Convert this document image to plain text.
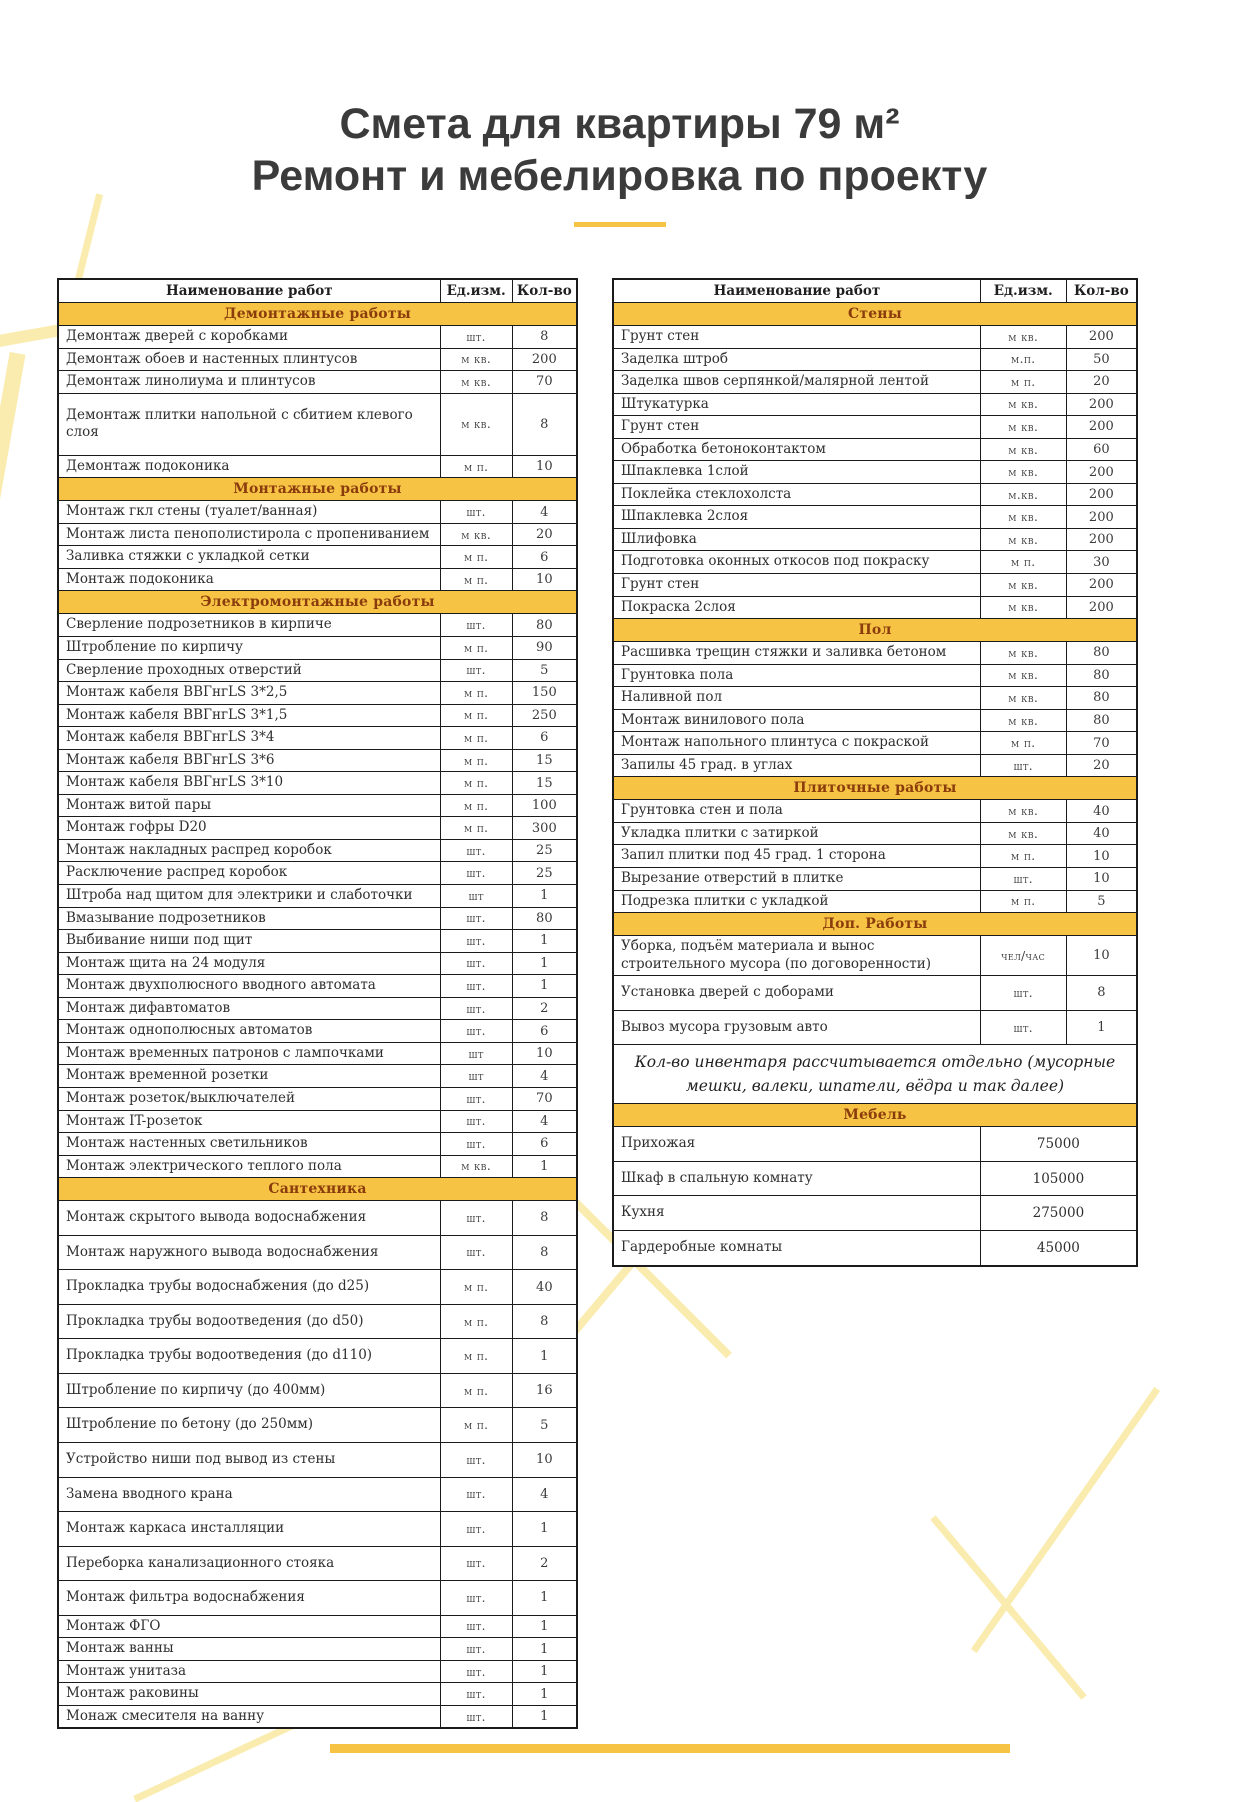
Смета для квартиры 79 м²
Ремонт и мебелировка по проекту
Наименование работ	Ед.изм.	Кол-во
Демонтажные работы		
Демонтаж дверей с коробками	шт.	8
Демонтаж обоев и настенных плинтусов	м кв.	200
Демонтаж линолиума и плинтусов	м кв.	70
Демонтаж плитки напольной с сбитием клевого слоя	м кв.	8
Демонтаж подоконика	м п.	10
Монтажные работы		
Монтаж гкл стены (туалет/ванная)	шт.	4
Монтаж листа пенополистирола с пропениванием	м кв.	20
Заливка стяжки с укладкой сетки	м п.	6
Монтаж подоконика	м п.	10
Электромонтажные работы		
Сверление подрозетников в кирпиче	шт.	80
Штробление по кирпичу	м п.	90
Сверление проходных отверстий	шт.	5
Монтаж кабеля ВВГнгLS 3*2,5	м п.	150
Монтаж кабеля ВВГнгLS 3*1,5	м п.	250
Монтаж кабеля ВВГнгLS 3*4	м п.	6
Монтаж кабеля ВВГнгLS 3*6	м п.	15
Монтаж кабеля ВВГнгLS 3*10	м п.	15
Монтаж витой пары	м п.	100
Монтаж гофры D20	м п.	300
Монтаж накладных распред коробок	шт.	25
Расключение распред коробок	шт.	25
Штроба над щитом для электрики и слаботочки	шт	1
Вмазывание подрозетников	шт.	80
Выбивание ниши под щит	шт.	1
Монтаж щита на 24 модуля	шт.	1
Монтаж двухполюсного вводного автомата	шт.	1
Монтаж дифавтоматов	шт.	2
Монтаж однополюсных автоматов	шт.	6
Монтаж временных патронов с лампочками	шт	10
Монтаж временной розетки	шт	4
Монтаж розеток/выключателей	шт.	70
Монтаж IT-розеток	шт.	4
Монтаж настенных светильников	шт.	6
Монтаж электрического теплого пола	м кв.	1
Сантехника		
Монтаж скрытого вывода водоснабжения	шт.	8
Монтаж наружного вывода водоснабжения	шт.	8
Прокладка трубы водоснабжения (до d25)	м п.	40
Прокладка трубы водоотведения (до d50)	м п.	8
Прокладка трубы водоотведения (до d110)	м п.	1
Штробление по кирпичу (до 400мм)	м п.	16
Штробление по бетону (до 250мм)	м п.	5
Устройство ниши под вывод из стены	шт.	10
Замена вводного крана	шт.	4
Монтаж каркаса инсталляции	шт.	1
Переборка канализационного стояка	шт.	2
Монтаж фильтра водоснабжения	шт.	1
Монтаж ФГО	шт.	1
Монтаж ванны	шт.	1
Монтаж унитаза	шт.	1
Монтаж раковины	шт.	1
Монаж смесителя на ванну	шт.	1
Наименование работ	Ед.изм.	Кол-во
Стены		
Грунт стен	м кв.	200
Заделка штроб	м.п.	50
Заделка швов серпянкой/малярной лентой	м п.	20
Штукатурка	м кв.	200
Грунт стен	м кв.	200
Обработка бетоноконтактом	м кв.	60
Шпаклевка 1слой	м кв.	200
Поклейка стеклохолста	м.кв.	200
Шпаклевка 2слоя	м кв.	200
Шлифовка	м кв.	200
Подготовка оконных откосов под покраску	м п.	30
Грунт стен	м кв.	200
Покраска 2слоя	м кв.	200
Пол		
Расшивка трещин стяжки и заливка бетоном	м кв.	80
Грунтовка пола	м кв.	80
Наливной пол	м кв.	80
Монтаж винилового пола	м кв.	80
Монтаж напольного плинтуса с покраской	м п.	70
Запилы 45 град. в углах	шт.	20
Плиточные работы		
Грунтовка стен и пола	м кв.	40
Укладка плитки с затиркой	м кв.	40
Запил плитки под 45 град. 1 сторона	м п.	10
Вырезание отверстий в плитке	шт.	10
Подрезка плитки с укладкой	м п.	5
Доп. Работы		
Уборка, подъём материала и вынос строительного мусора (по договоренности)	чел/час	10
Установка дверей с доборами	шт.	8
Вывоз мусора грузовым авто	шт.	1
Кол-во инвентаря рассчитывается отдельно (мусорные мешки, валеки, шпатели, вёдра и так далее)		
Мебель		
Прихожая	75000	
Шкаф в спальную комнату	105000	
Кухня	275000	
Гардеробные комнаты	45000	
